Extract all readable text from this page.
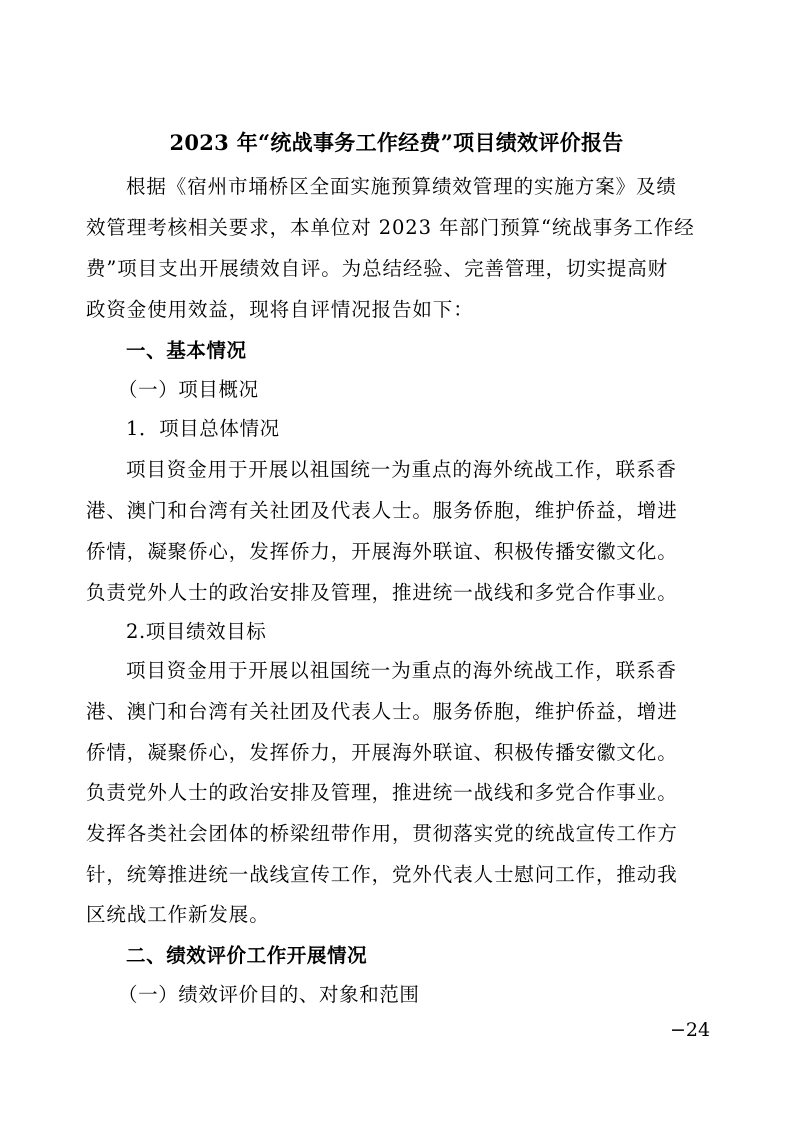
2023 年“统战事务工作经费”项目绩效评价报告
根据《宿州市埇桥区全面实施预算绩效管理的实施方案》及绩
效管理考核相关要求，本单位对 2023 年部门预算“统战事务工作经
费”项目支出开展绩效自评。为总结经验、完善管理，切实提高财
政资金使用效益，现将自评情况报告如下：
一、基本情况
（一）项目概况
1．项目总体情况
项目资金用于开展以祖国统一为重点的海外统战工作，联系香
港、澳门和台湾有关社团及代表人士。服务侨胞，维护侨益，增进
侨情，凝聚侨心，发挥侨力，开展海外联谊、积极传播安徽文化。
负责党外人士的政治安排及管理，推进统一战线和多党合作事业。
2.项目绩效目标
项目资金用于开展以祖国统一为重点的海外统战工作，联系香
港、澳门和台湾有关社团及代表人士。服务侨胞，维护侨益，增进
侨情，凝聚侨心，发挥侨力，开展海外联谊、积极传播安徽文化。
负责党外人士的政治安排及管理，推进统一战线和多党合作事业。
发挥各类社会团体的桥梁纽带作用，贯彻落实党的统战宣传工作方
针，统筹推进统一战线宣传工作，党外代表人士慰问工作，推动我
区统战工作新发展。
二、绩效评价工作开展情况
（一）绩效评价目的、对象和范围
−24
